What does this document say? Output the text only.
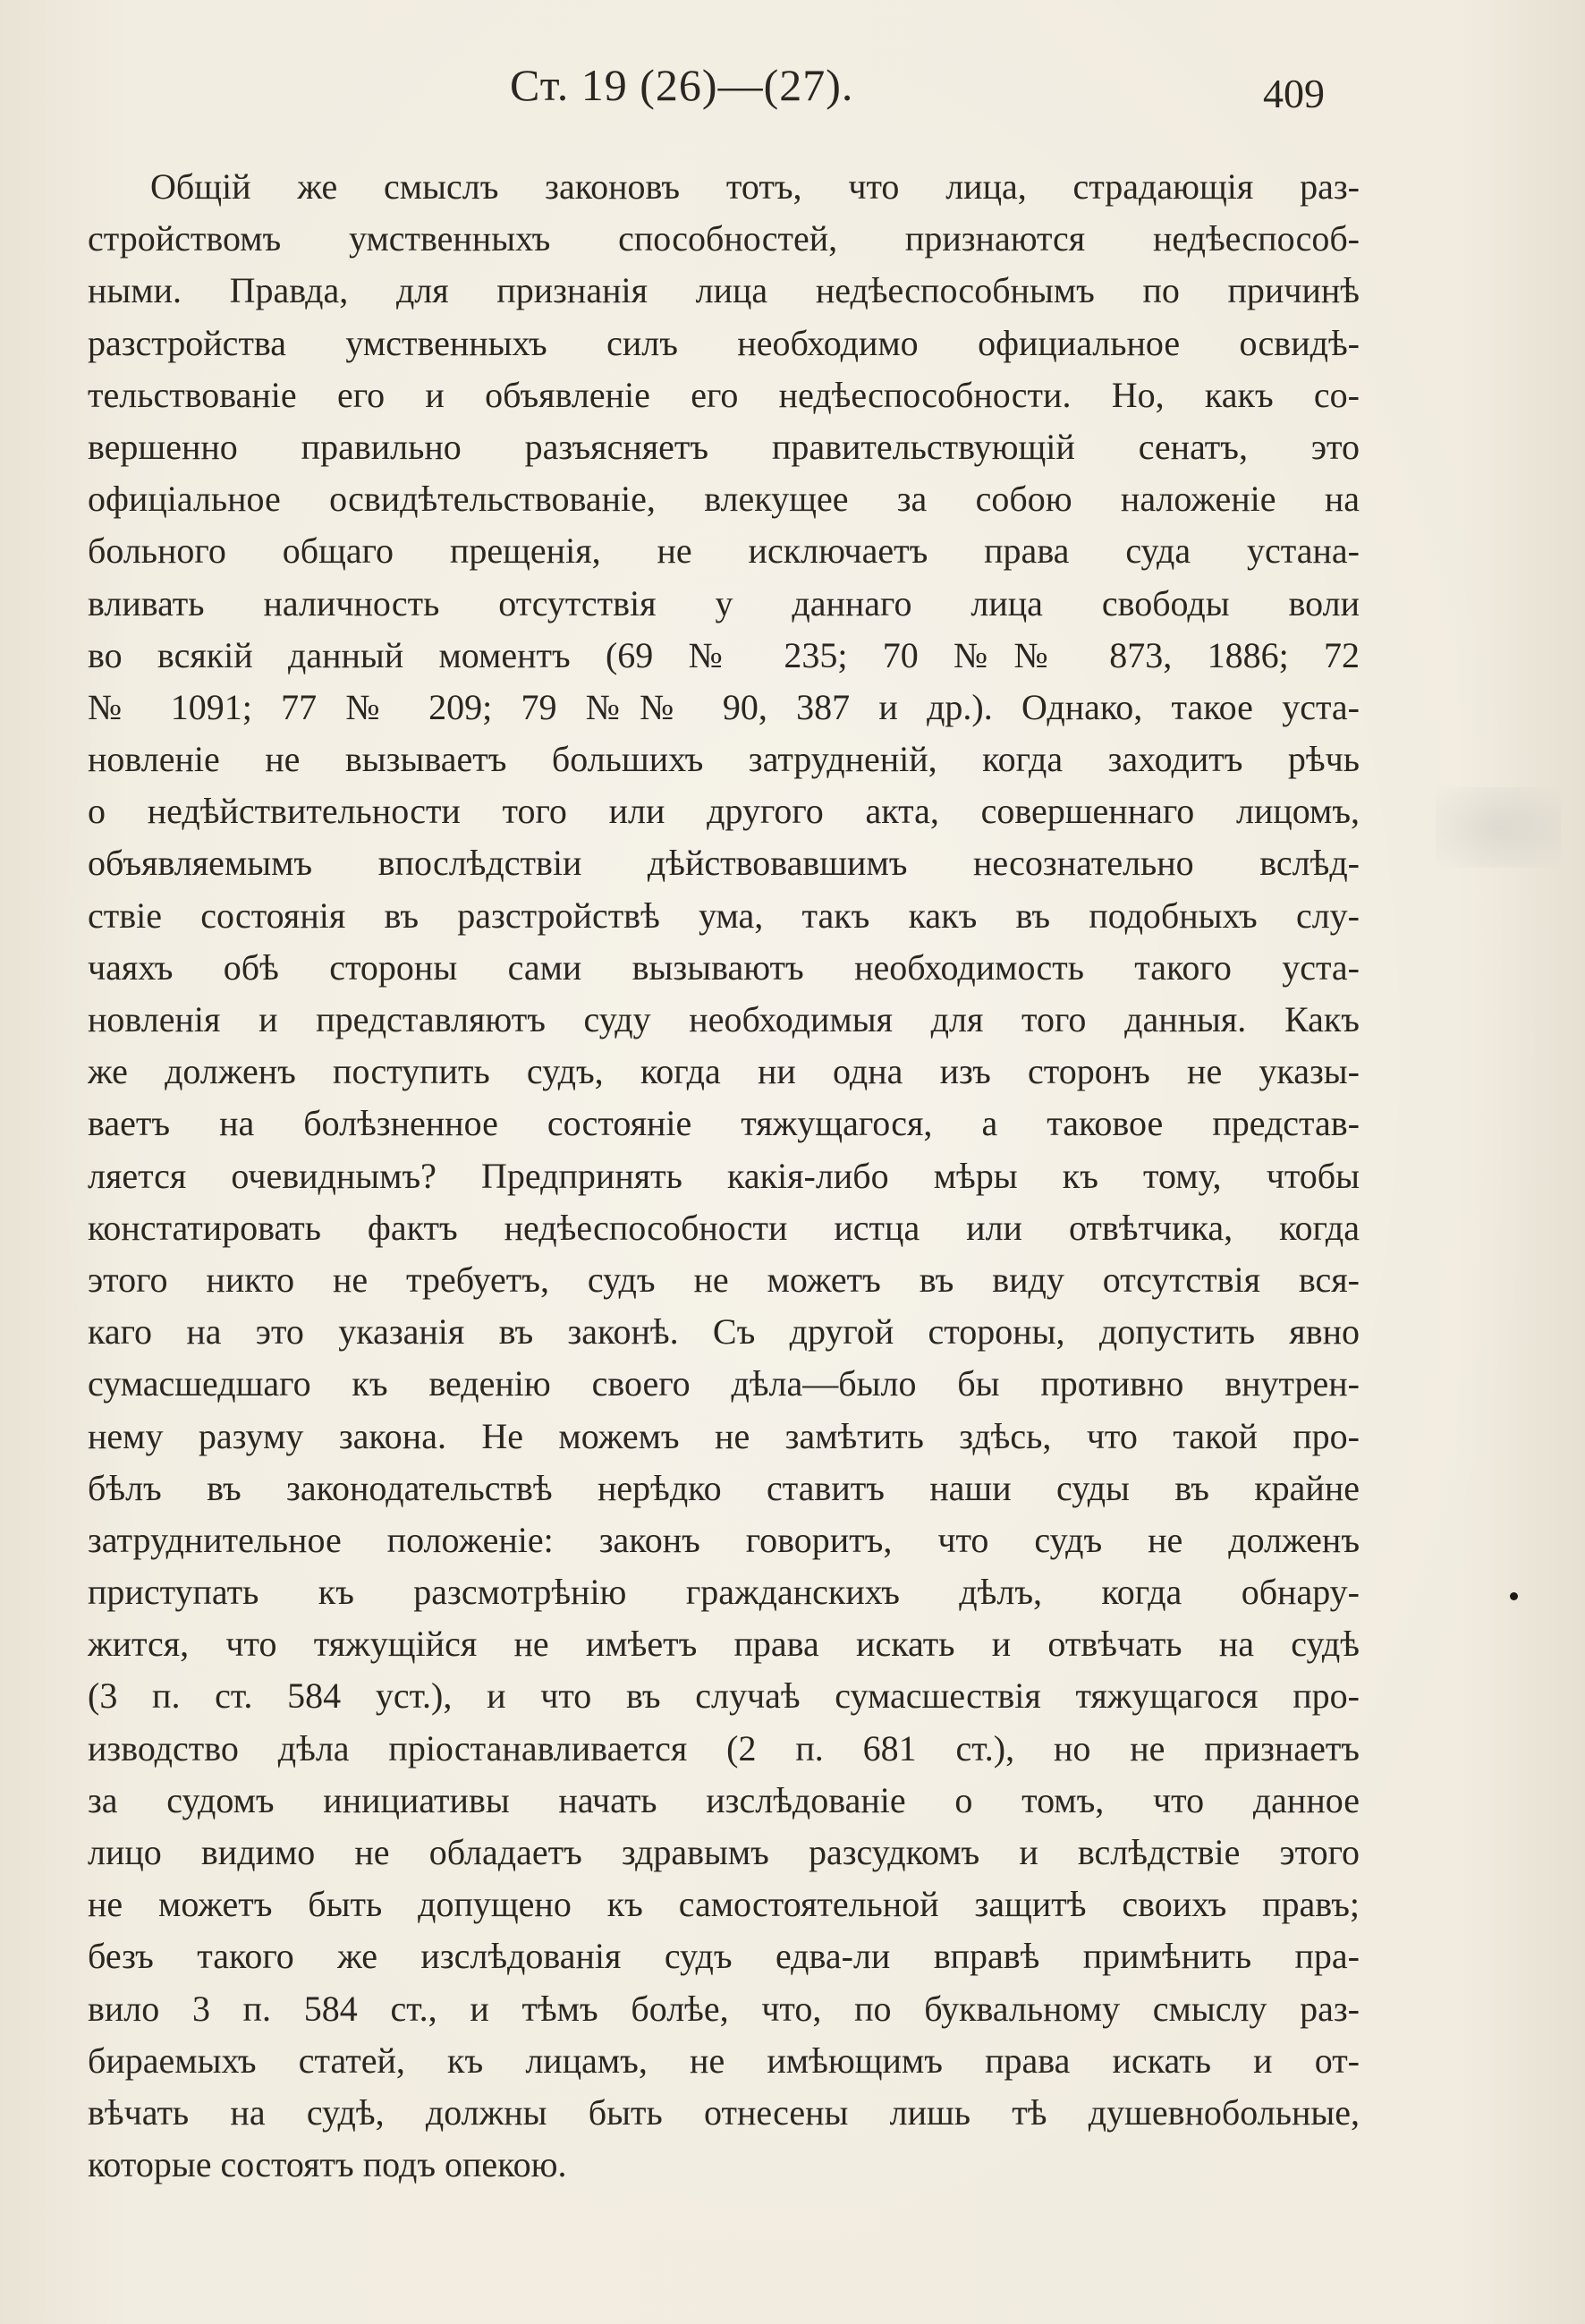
Ст. 19 (26)—(27).	409
Общій же смыслъ законовъ тотъ, что лица, страдающія раз-
стройствомъ умственныхъ способностей, признаются недѣеспособ-
ными. Правда, для признанія лица недѣеспособнымъ по причинѣ
разстройства умственныхъ силъ необходимо официальное освидѣ-
тельствованіе его и объявленіе его недѣеспособности. Но, какъ со-
вершенно правильно разъясняетъ правительствующій сенатъ, это
офиціальное освидѣтельствованіе, влекущее за собою наложеніе на
больного общаго прещенія, не исключаетъ права суда устана-
вливать наличность отсутствія у даннаго лица свободы воли
во всякій данный моментъ (69 № 235; 70 №№ 873, 1886; 72
№ 1091; 77 № 209; 79 №№ 90, 387 и др.). Однако, такое уста-
новленіе не вызываетъ большихъ затрудненій, когда заходитъ рѣчь
о недѣйствительности того или другого акта, совершеннаго лицомъ,
объявляемымъ впослѣдствіи дѣйствовавшимъ несознательно вслѣд-
ствіе состоянія въ разстройствѣ ума, такъ какъ въ подобныхъ слу-
чаяхъ обѣ стороны сами вызываютъ необходимость такого уста-
новленія и представляютъ суду необходимыя для того данныя. Какъ
же долженъ поступить судъ, когда ни одна изъ сторонъ не указы-
ваетъ на болѣзненное состояніе тяжущагося, а таковое представ-
ляется очевиднымъ? Предпринять какія-либо мѣры къ тому, чтобы
констатировать фактъ недѣеспособности истца или отвѣтчика, когда
этого никто не требуетъ, судъ не можетъ въ виду отсутствія вся-
каго на это указанія въ законѣ. Съ другой стороны, допустить явно
сумасшедшаго къ веденію своего дѣла—было бы противно внутрен-
нему разуму закона. Не можемъ не замѣтить здѣсь, что такой про-
бѣлъ въ законодательствѣ нерѣдко ставитъ наши суды въ крайне
затруднительное положеніе: законъ говоритъ, что судъ не долженъ
приступать къ разсмотрѣнію гражданскихъ дѣлъ, когда обнару-
жится, что тяжущійся не имѣетъ права искать и отвѣчать на судѣ
(3 п. ст. 584 уст.), и что въ случаѣ сумасшествія тяжущагося про-
изводство дѣла пріостанавливается (2 п. 681 ст.), но не признаетъ
за судомъ инициативы начать изслѣдованіе о томъ, что данное
лицо видимо не обладаетъ здравымъ разсудкомъ и вслѣдствіе этого
не можетъ быть допущено къ самостоятельной защитѣ своихъ правъ;
безъ такого же изслѣдованія судъ едва-ли вправѣ примѣнить пра-
вило 3 п. 584 ст., и тѣмъ болѣе, что, по буквальному смыслу раз-
бираемыхъ статей, къ лицамъ, не имѣющимъ права искать и от-
вѣчать на судѣ, должны быть отнесены лишь тѣ душевнобольные,
которые состоятъ подъ опекою.
